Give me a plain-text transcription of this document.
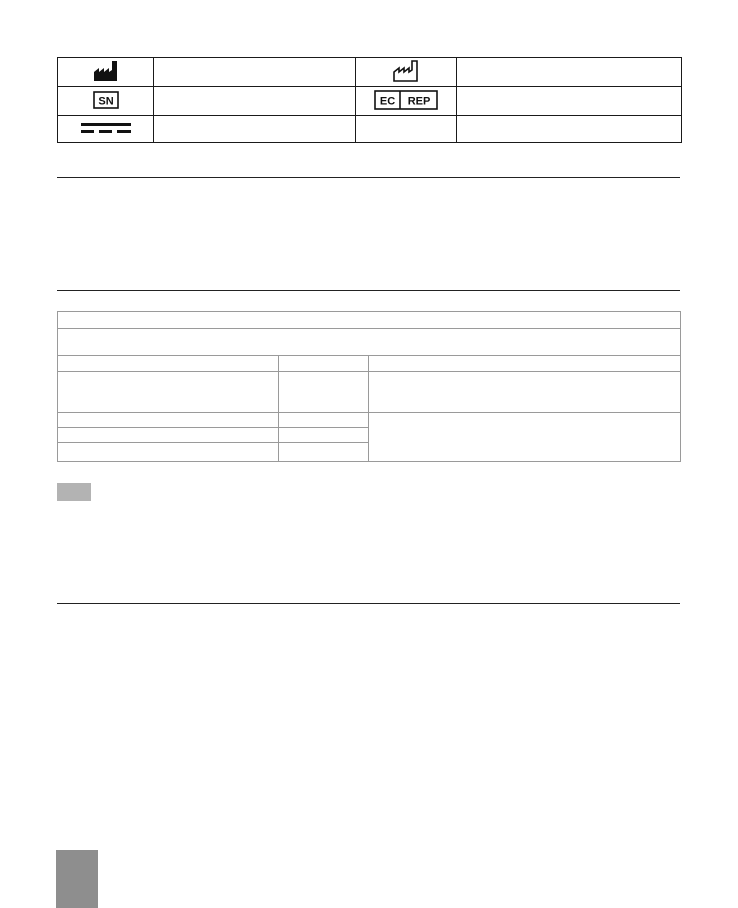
SN		EC REP	
